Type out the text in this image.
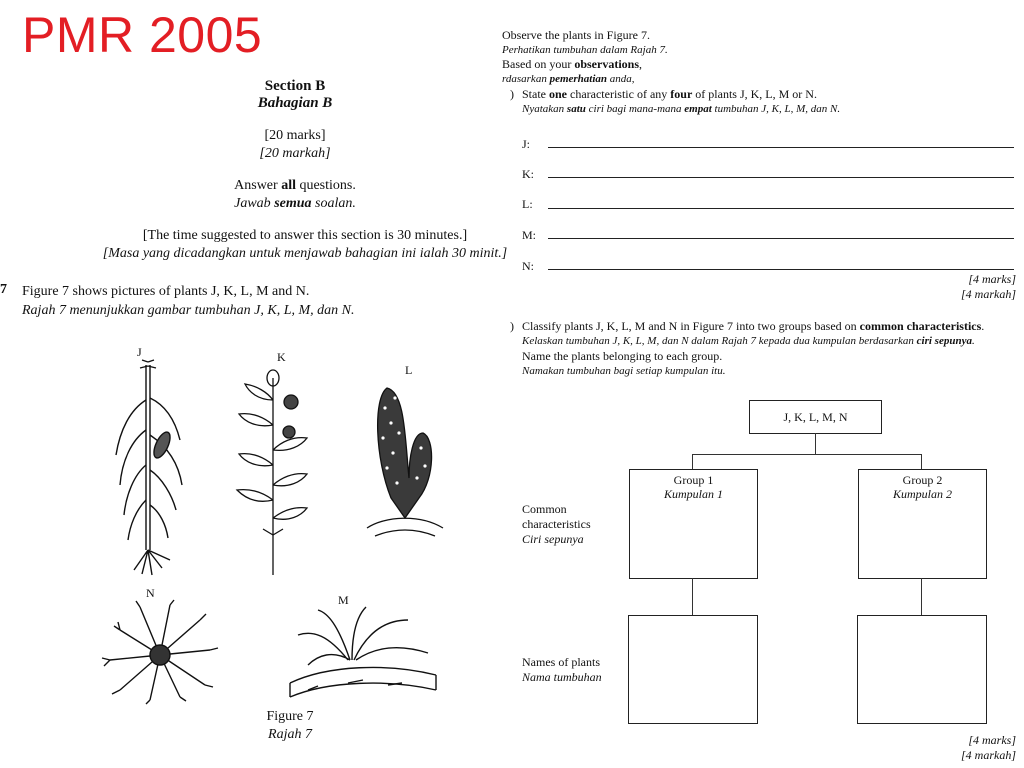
PMR 2005
Section B
Bahagian B
[20 marks]
[20 markah]
Answer all questions.
Jawab semua soalan.
[The time suggested to answer this section is 30 minutes.]
[Masa yang dicadangkan untuk menjawab bahagian ini ialah 30 minit.]
7 Figure 7 shows pictures of plants J, K, L, M and N.
Rajah 7 menunjukkan gambar tumbuhan J, K, L, M, dan N.
J	K
L
N	M
Figure 7
Rajah 7
Observe the plants in Figure 7.
Perhatikan tumbuhan dalam Rajah 7.
Based on your observations,
rdasarkan pemerhatian anda,
) State one characteristic of any four of plants J, K, L, M or N.
Nyatakan satu ciri bagi mana-mana empat tumbuhan J, K, L, M, dan N.
J:
K:
L:
M:
N:
[4 marks]
[4 markah]
) Classify plants J, K, L, M and N in Figure 7 into two groups based on common characteristics.
Kelaskan tumbuhan J, K, L, M, dan N dalam Rajah 7 kepada dua kumpulan berdasarkan ciri sepunya.
Name the plants belonging to each group.
Namakan tumbuhan bagi setiap kumpulan itu.
J, K, L, M, N
Group 1
Kumpulan 1
Group 2
Kumpulan 2
Common characteristics
Ciri sepunya
Names of plants
Nama tumbuhan
[4 marks]
[4 markah]
